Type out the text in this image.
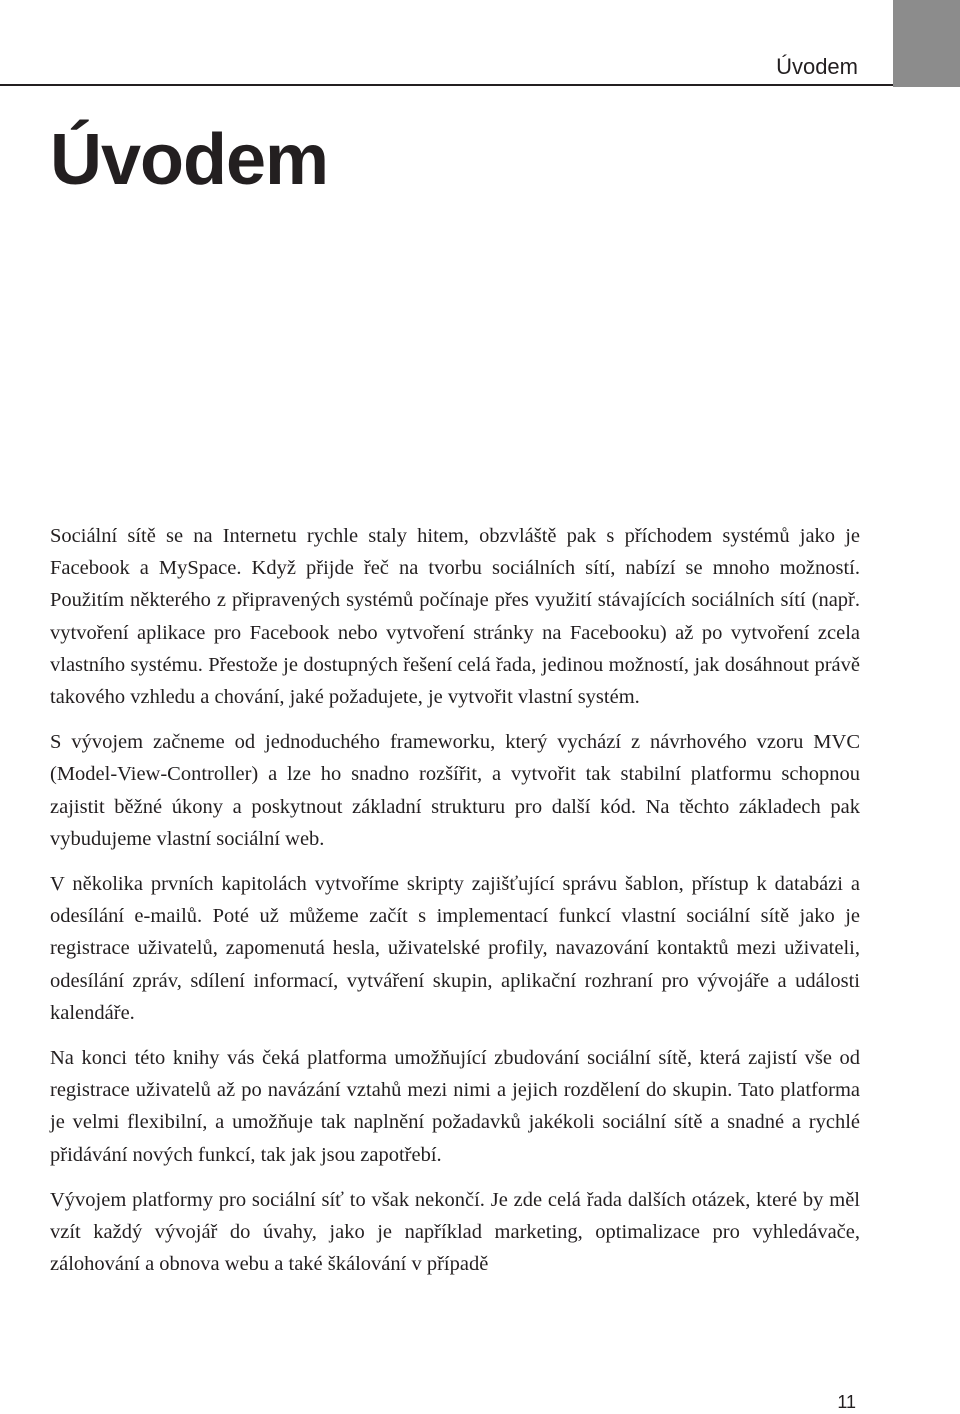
Úvodem

Úvodem

Sociální sítě se na Internetu rychle staly hitem, obzvláště pak s příchodem systémů jako je Facebook a MySpace. Když přijde řeč na tvorbu sociálních sítí, nabízí se mnoho možností. Použitím některého z připravených systémů počínaje přes využití stávajících sociálních sítí (např. vytvoření aplikace pro Facebook nebo vytvoření stránky na Facebooku) až po vytvoření zcela vlastního systému. Přestože je dostupných řešení celá řada, jedinou možností, jak dosáhnout právě takového vzhledu a chování, jaké požadujete, je vytvořit vlastní systém.

S vývojem začneme od jednoduchého frameworku, který vychází z návrhového vzoru MVC (Model-View-Controller) a lze ho snadno rozšířit, a vytvořit tak stabilní platformu schopnou zajistit běžné úkony a poskytnout základní strukturu pro další kód. Na těchto základech pak vybudujeme vlastní sociální web.

V několika prvních kapitolách vytvoříme skripty zajišťující správu šablon, přístup k databázi a odesílání e-mailů. Poté už můžeme začít s implementací funkcí vlastní sociální sítě jako je registrace uživatelů, zapomenutá hesla, uživatelské profily, navazování kontaktů mezi uživateli, odesílání zpráv, sdílení informací, vytváření skupin, aplikační rozhraní pro vývojáře a události kalendáře.

Na konci této knihy vás čeká platforma umožňující zbudování sociální sítě, která zajistí vše od registrace uživatelů až po navázání vztahů mezi nimi a jejich rozdělení do skupin. Tato platforma je velmi flexibilní, a umožňuje tak naplnění požadavků jakékoli sociální sítě a snadné a rychlé přidávání nových funkcí, tak jak jsou zapotřebí.

Vývojem platformy pro sociální síť to však nekončí. Je zde celá řada dalších otázek, které by měl vzít každý vývojář do úvahy, jako je například marketing, optimalizace pro vyhledávače, zálohování a obnova webu a také škálování v případě

11
